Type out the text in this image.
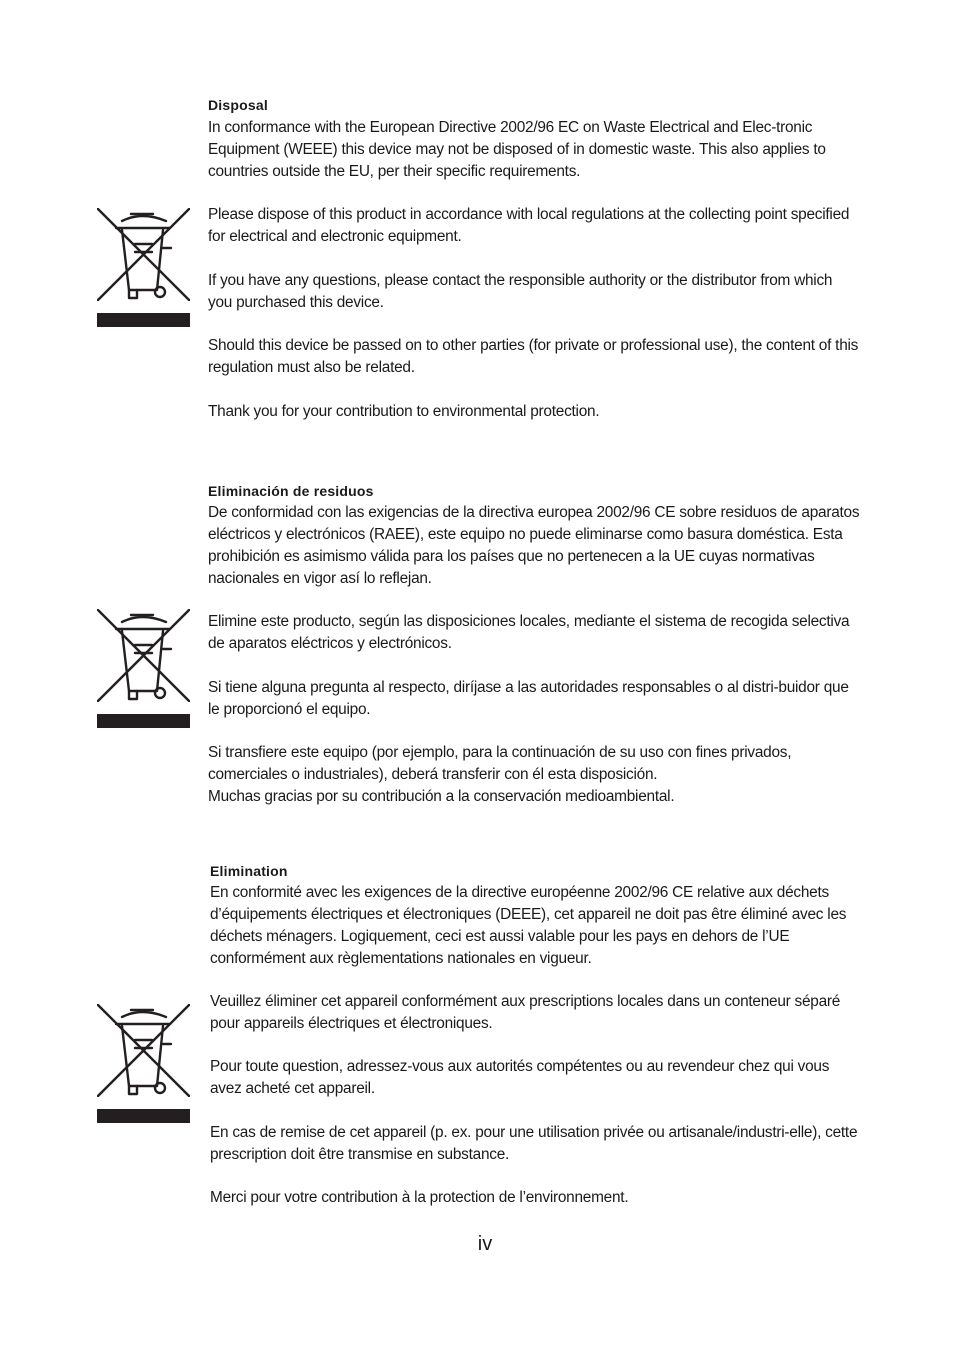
Disposal

In conformance with the European Directive 2002/96 EC on Waste Electrical and Elec-tronic Equipment (WEEE) this device may not be disposed of in domestic waste. This also applies to countries outside the EU, per their specific requirements.

Please dispose of this product in accordance with local regulations at the collecting point specified for electrical and electronic equipment.

If you have any questions, please contact the responsible authority or the distributor from which you purchased this device.

Should this device be passed on to other parties (for private or professional use), the content of this regulation must also be related.

Thank you for your contribution to environmental protection.

Eliminación de residuos

De conformidad con las exigencias de la directiva europea 2002/96 CE sobre residuos de aparatos eléctricos y electrónicos (RAEE), este equipo no puede eliminarse como basura doméstica. Esta prohibición es asimismo válida para los países que no pertenecen a la UE cuyas normativas nacionales en vigor así lo reflejan.

Elimine este producto, según las disposiciones locales, mediante el sistema de recogida selectiva de aparatos eléctricos y electrónicos.

Si tiene alguna pregunta al respecto, diríjase a las autoridades responsables o al distri-buidor que le proporcionó el equipo.

Si transfiere este equipo (por ejemplo, para la continuación de su uso con fines privados, comerciales o industriales), deberá transferir con él esta disposición.
Muchas gracias por su contribución a la conservación medioambiental.

Elimination

En conformité avec les exigences de la directive européenne 2002/96 CE relative aux déchets d’équipements électriques et électroniques (DEEE), cet appareil ne doit pas être éliminé avec les déchets ménagers. Logiquement, ceci est aussi valable pour les pays en dehors de l’UE conformément aux règlementations nationales en vigueur.

Veuillez éliminer cet appareil conformément aux prescriptions locales dans un conteneur séparé pour appareils électriques et électroniques.

Pour toute question, adressez-vous aux autorités compétentes ou au revendeur chez qui vous avez acheté cet appareil.

En cas de remise de cet appareil (p. ex. pour une utilisation privée ou artisanale/industri-elle), cette prescription doit être transmise en substance.

Merci pour votre contribution à la protection de l’environnement.

iv
